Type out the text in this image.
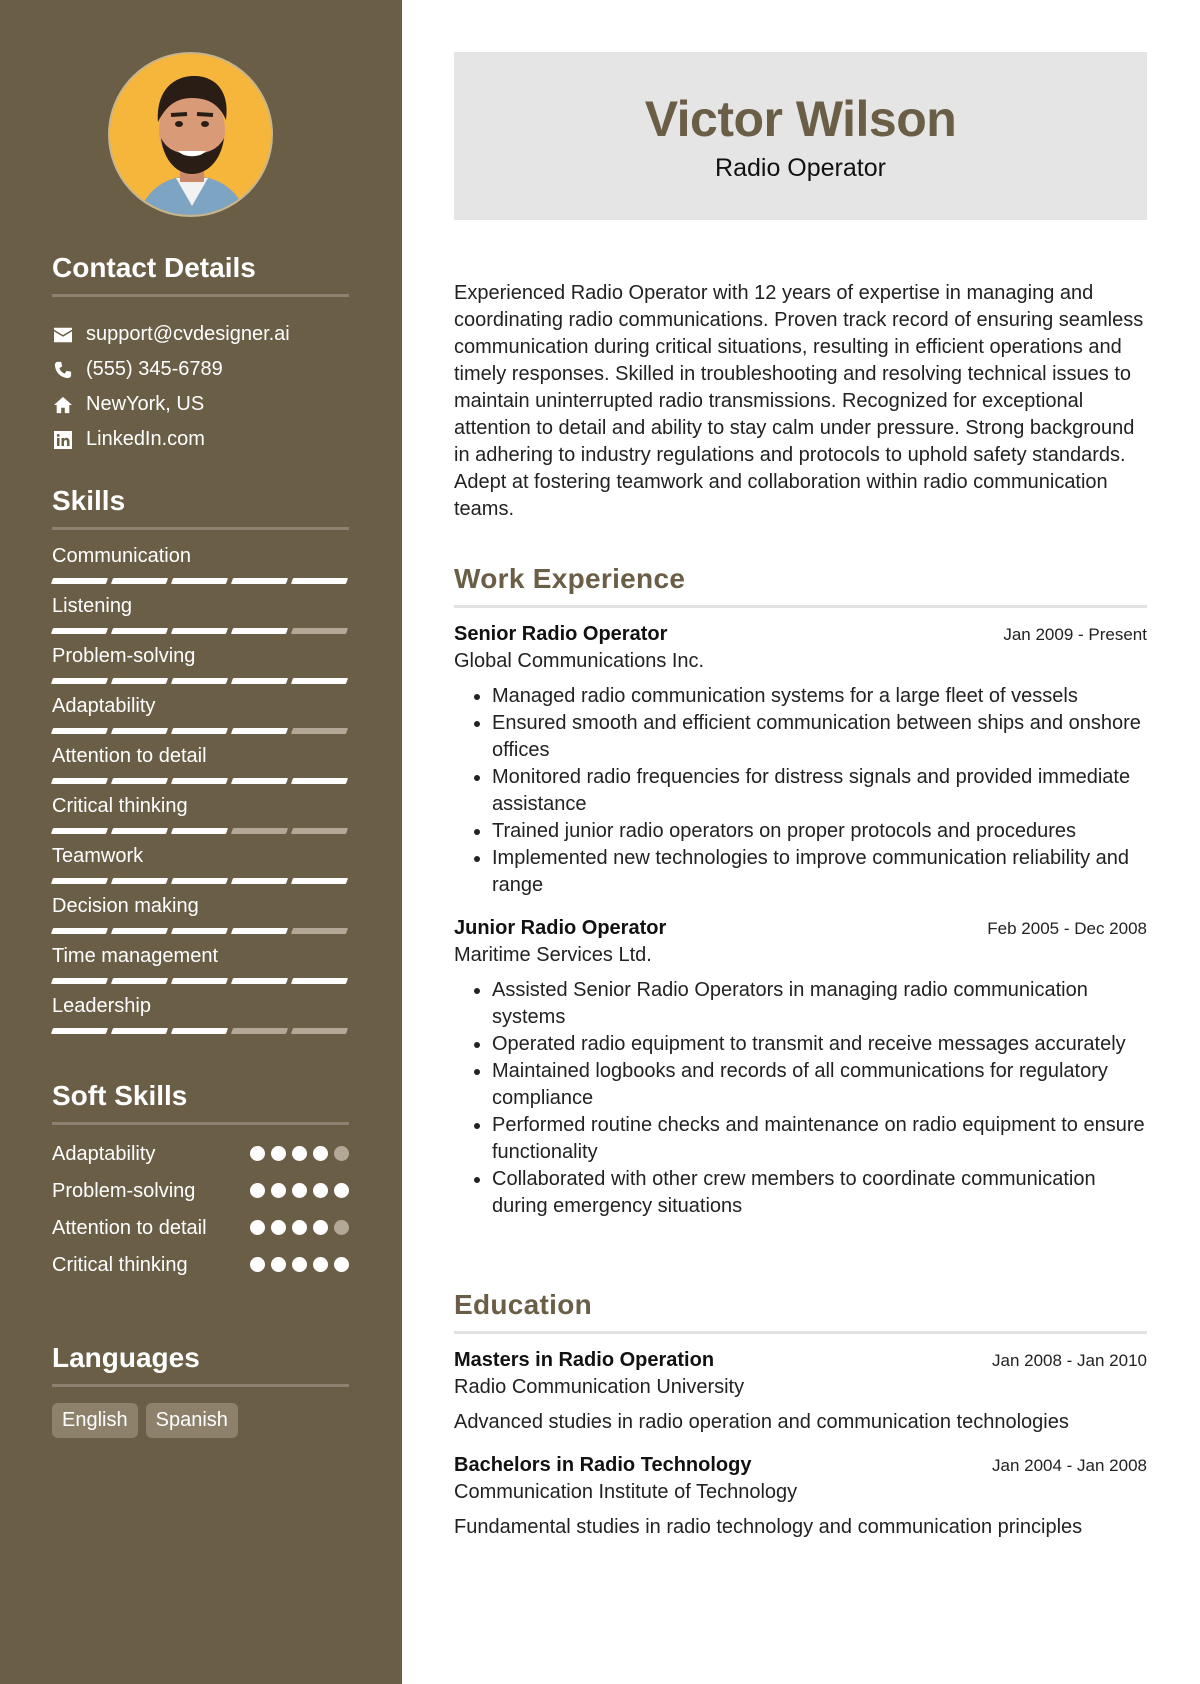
Contact Details
support@cvdesigner.ai
(555) 345-6789
NewYork, US
LinkedIn.com
Skills
Communication
Listening
Problem-solving
Adaptability
Attention to detail
Critical thinking
Teamwork
Decision making
Time management
Leadership
Soft Skills
Adaptability
Problem-solving
Attention to detail
Critical thinking
Languages
English	Spanish
Victor Wilson
Radio Operator

Experienced Radio Operator with 12 years of expertise in managing and coordinating radio communications. Proven track record of ensuring seamless communication during critical situations, resulting in efficient operations and timely responses. Skilled in troubleshooting and resolving technical issues to maintain uninterrupted radio transmissions. Recognized for exceptional attention to detail and ability to stay calm under pressure. Strong background in adhering to industry regulations and protocols to uphold safety standards. Adept at fostering teamwork and collaboration within radio communication teams.

Work Experience
Senior Radio Operator	Jan 2009 - Present
Global Communications Inc.
• Managed radio communication systems for a large fleet of vessels
• Ensured smooth and efficient communication between ships and onshore offices
• Monitored radio frequencies for distress signals and provided immediate assistance
• Trained junior radio operators on proper protocols and procedures
• Implemented new technologies to improve communication reliability and range
Junior Radio Operator	Feb 2005 - Dec 2008
Maritime Services Ltd.
• Assisted Senior Radio Operators in managing radio communication systems
• Operated radio equipment to transmit and receive messages accurately
• Maintained logbooks and records of all communications for regulatory compliance
• Performed routine checks and maintenance on radio equipment to ensure functionality
• Collaborated with other crew members to coordinate communication during emergency situations
Education
Masters in Radio Operation	Jan 2008 - Jan 2010
Radio Communication University
Advanced studies in radio operation and communication technologies
Bachelors in Radio Technology	Jan 2004 - Jan 2008
Communication Institute of Technology
Fundamental studies in radio technology and communication principles
